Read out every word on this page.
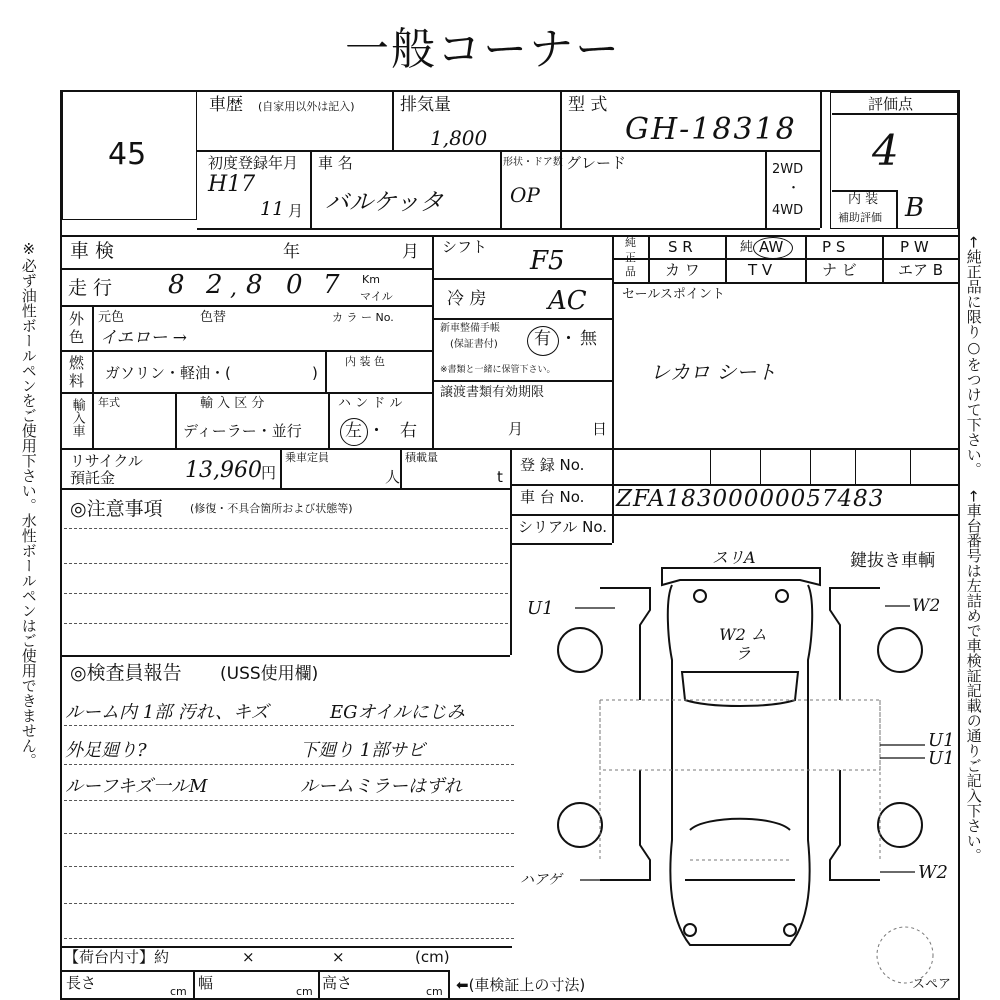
一般コーナー
※必ず油性ボールペンをご使用下さい。水性ボールペンはご使用できません。	←純正品に限り○をつけて下さい。
←車台番号は左詰めで車検証記載の通りご記入下さい。
45
車歴 (自家用以外は記入)	排気量
1,800
型 式
GH-18318
初度登録年月
H17
11 月
車 名
バルケッタ
形状・ドア数
OP
グレード	2WD
・
4WD
評価点
4
内 装
補助評価 B
車 検	年	月
走 行 8 2 , 8 0 7 Km
マイル
外
色
元色	色替	カ ラ ー No.
イエロー →
燃
料 ガソリン・軽油・(	)
内 装 色
輸入車 年式	輸 入 区 分
ディーラー・並行
ハ ン ド ル
左 ・ 右
シフト F5
冷 房 AC
新車整備手帳
(保証書付) 有 ・ 無
※書類と一緒に保管下さい。
譲渡書類有効期限
月	日
純
正
品
S R	純 AW	P S	P W
カ ワ	T V	ナ ビ	エア B
セールスポイント
レカロ シート
リサイクル
預託金	13,960 円
乗車定員
人
積載量
t
登 録 No.
車 台 No. ZFA18300000057483
シリアル No.
◎注意事項 (修復・不具合箇所および状態等)
◎検査員報告 (USS使用欄)
ルーム内 1部 汚れ、キズ	EGオイルにじみ
外足廻り?	下廻り 1部サビ
ルーフキズ一ルM	ルームミラーはずれ
【荷台内寸】約	×	×	(cm)
長さ	cm 幅	cm 高さ	cm ⬅(車検証上の寸法)
鍵抜き車輌
スペア
スリA
U1	W2
W2 ムラ
U1
U1
ハアゲ	W2
